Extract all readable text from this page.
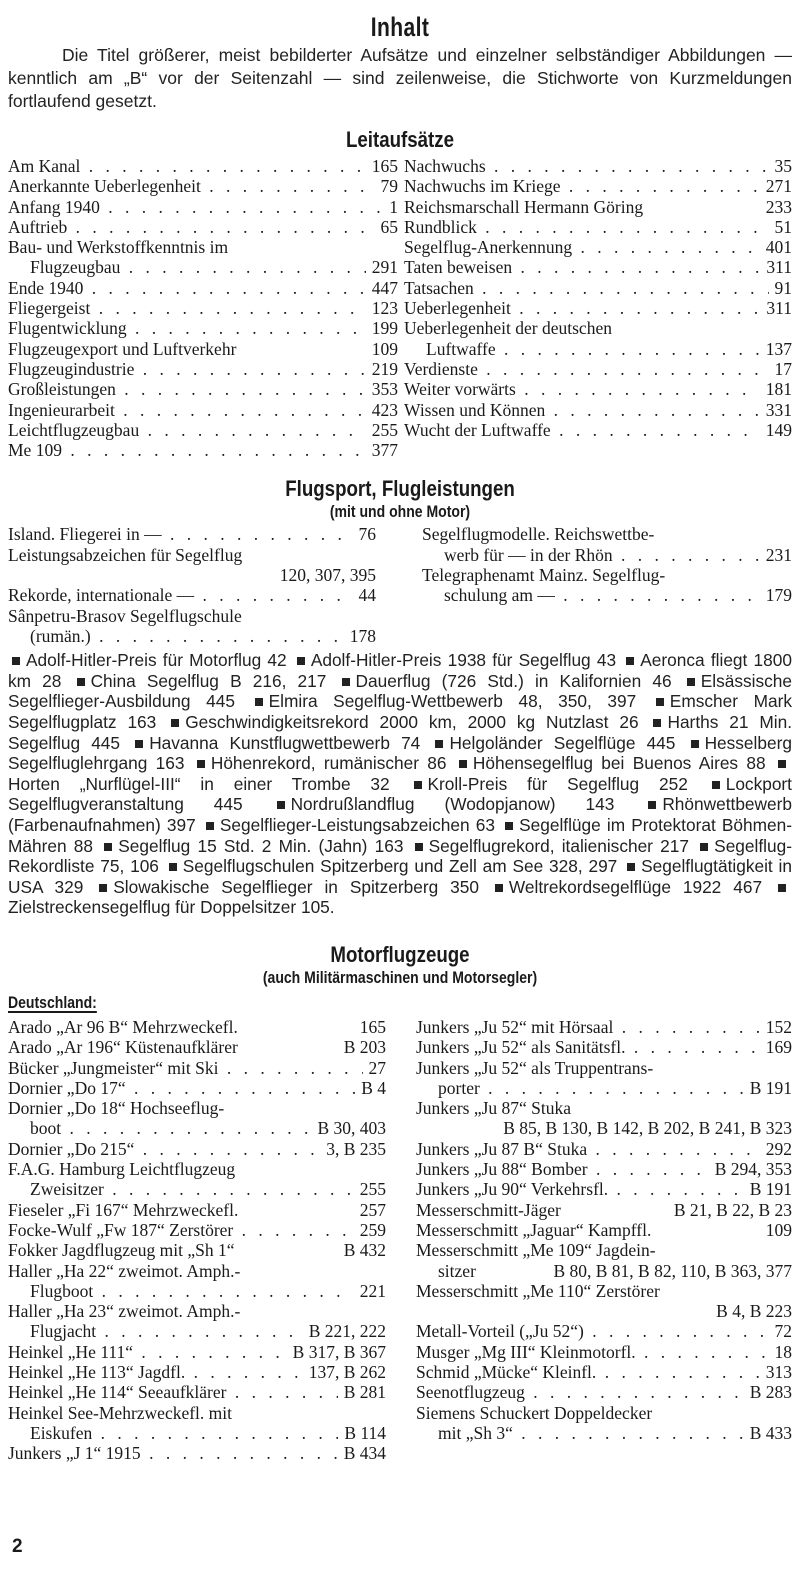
Inhalt

Die Titel größerer, meist bebilderter Aufsätze und einzelner selbständiger Abbildungen — kenntlich am „B“ vor der Seitenzahl — sind zeilenweise, die Stichworte von Kurzmeldungen fortlaufend gesetzt.

Leitaufsätze
Am Kanal . . .	165
Anerkannte Ueberlegenheit . . .	79
Anfang 1940 . . .	1
Auftrieb . . .	65
Bau- und Werkstoffkenntnis im
Flugzeugbau . . .	291
Ende 1940 . . .	447
Fliegergeist . . .	123
Flugentwicklung . . .	199
Flugzeugexport und Luftverkehr	109
Flugzeugindustrie . . .	219
Großleistungen . . .	353
Ingenieurarbeit . . .	423
Leichtflugzeugbau . . .	255
Me 109 . . .	377
Nachwuchs . . .	35
Nachwuchs im Kriege . . .	271
Reichsmarschall Hermann Göring	233
Rundblick . . .	51
Segelflug-Anerkennung . . .	401
Taten beweisen . . .	311
Tatsachen . . .	91
Ueberlegenheit . . .	311
Ueberlegenheit der deutschen
Luftwaffe . . .	137
Verdienste . . .	17
Weiter vorwärts . . .	181
Wissen und Können . . .	331
Wucht der Luftwaffe . . .	149
Flugsport, Flugleistungen
(mit und ohne Motor)
Island. Fliegerei in — . . .	76
Leistungsabzeichen für Segelflug
120, 307, 395
Rekorde, internationale — . . .	44
Sânpetru-Brasov Segelflugschule
(rumän.) . . .	178
Segelflugmodelle. Reichswettbe-
werb für — in der Rhön . . .	231
Telegraphenamt Mainz. Segelflug-
schulung am — . . .	179
Adolf-Hitler-Preis für Motorflug 42 Adolf-Hitler-Preis 1938 für Segelflug 43 Aeronca fliegt 1800 km 28 China Segelflug B 216, 217 Dauerflug (726 Std.) in Kalifornien 46 Elsässische Segelflieger-Ausbildung 445 Elmira Segelflug-Wettbewerb 48, 350, 397 Emscher Mark Segelflugplatz 163 Geschwindigkeitsrekord 2000 km, 2000 kg Nutzlast 26 Harths 21 Min. Segelflug 445 Havanna Kunstflugwettbewerb 74 Helgoländer Segelflüge 445 Hesselberg Segelfluglehrgang 163 Höhenrekord, rumänischer 86 Höhensegelflug bei Buenos Aires 88 Horten „Nurflügel-III“ in einer Trombe 32 Kroll-Preis für Segelflug 252 Lockport Segelflugveranstaltung 445	Nordrußlandflug (Wodopjanow) 143	Rhönwettbewerb (Farbenaufnahmen) 397 Segelflieger-Leistungsabzeichen 63 Segelflüge im Protektorat Böhmen-Mähren 88 Segelflug 15 Std. 2 Min. (Jahn) 163 Segelflugrekord, italienischer 217 Segelflug-Rekordliste 75, 106 Segelflugschulen Spitzerberg und Zell am See 328, 297 Segelflugtätigkeit in USA 329 Slowakische Segelflieger in Spitzerberg 350 Weltrekordsegelflüge 1922 467 Zielstreckensegelflug für Doppelsitzer 105.
Motorflugzeuge
(auch Militärmaschinen und Motorsegler)
Deutschland:
Arado „Ar 96 B“ Mehrzweckefl.	165
Arado „Ar 196“ Küstenaufklärer	B 203
Bücker „Jungmeister“ mit Ski . . .	27
Dornier „Do 17“ . . .	B 4
Dornier „Do 18“ Hochseeflug-
boot . . .	B 30, 403
Dornier „Do 215“ . . .	3, B 235
F.A.G. Hamburg Leichtflugzeug
Zweisitzer . . .	255
Fieseler „Fi 167“ Mehrzweckefl.	257
Focke-Wulf „Fw 187“ Zerstörer . . .	259
Fokker Jagdflugzeug mit „Sh 1“	B 432
Haller „Ha 22“ zweimot. Amph.-
Flugboot . . .	221
Haller „Ha 23“ zweimot. Amph.-
Flugjacht . . .	B 221, 222
Heinkel „He 111“ . . .	B 317, B 367
Heinkel „He 113“ Jagdfl. . . .	137, B 262
Heinkel „He 114“ Seeaufklärer . . .	B 281
Heinkel See-Mehrzweckefl. mit
Eiskufen . . .	B 114
Junkers „J 1“ 1915 . . .	B 434
Junkers „Ju 52“ mit Hörsaal . . .	152
Junkers „Ju 52“ als Sanitätsfl. . . .	169
Junkers „Ju 52“ als Truppentrans-
porter . . .	B 191
Junkers „Ju 87“ Stuka
B 85, B 130, B 142, B 202, B 241, B 323
Junkers „Ju 87 B“ Stuka . . .	292
Junkers „Ju 88“ Bomber . . .	B 294, 353
Junkers „Ju 90“ Verkehrsfl. . . .	B 191
Messerschmitt-Jäger	B 21, B 22, B 23
Messerschmitt „Jaguar“ Kampffl.	109
Messerschmitt „Me 109“ Jagdein-
sitzer	B 80, B 81, B 82, 110, B 363, 377
Messerschmitt „Me 110“ Zerstörer
B 4, B 223
Metall-Vorteil („Ju 52“) . . .	72
Musger „Mg III“ Kleinmotorfl. . . .	18
Schmid „Mücke“ Kleinfl. . . .	313
Seenotflugzeug . . .	B 283
Siemens Schuckert Doppeldecker
mit „Sh 3“ . . .	B 433
2
